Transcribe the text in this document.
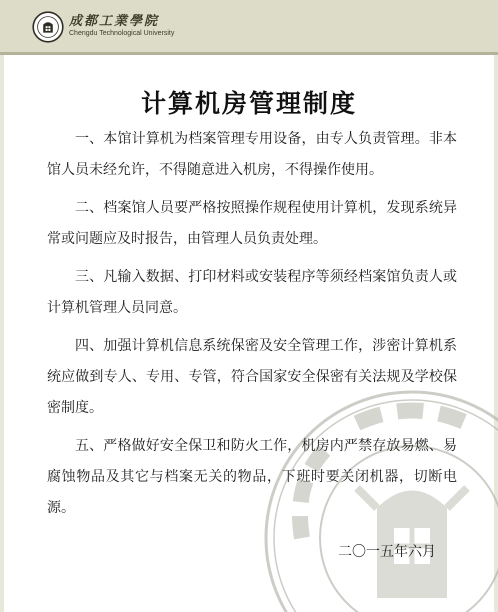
成都工業學院
Chengdu Technological University
计算机房管理制度

一、本馆计算机为档案管理专用设备，由专人负责管理。非本馆人员未经允许，不得随意进入机房，不得操作使用。

二、档案馆人员要严格按照操作规程使用计算机，发现系统异常或问题应及时报告，由管理人员负责处理。

三、凡输入数据、打印材料或安装程序等须经档案馆负责人或计算机管理人员同意。

四、加强计算机信息系统保密及安全管理工作，涉密计算机系统应做到专人、专用、专管，符合国家安全保密有关法规及学校保密制度。

五、严格做好安全保卫和防火工作，机房内严禁存放易燃、易腐蚀物品及其它与档案无关的物品，下班时要关闭机器，切断电源。

二〇一五年六月
